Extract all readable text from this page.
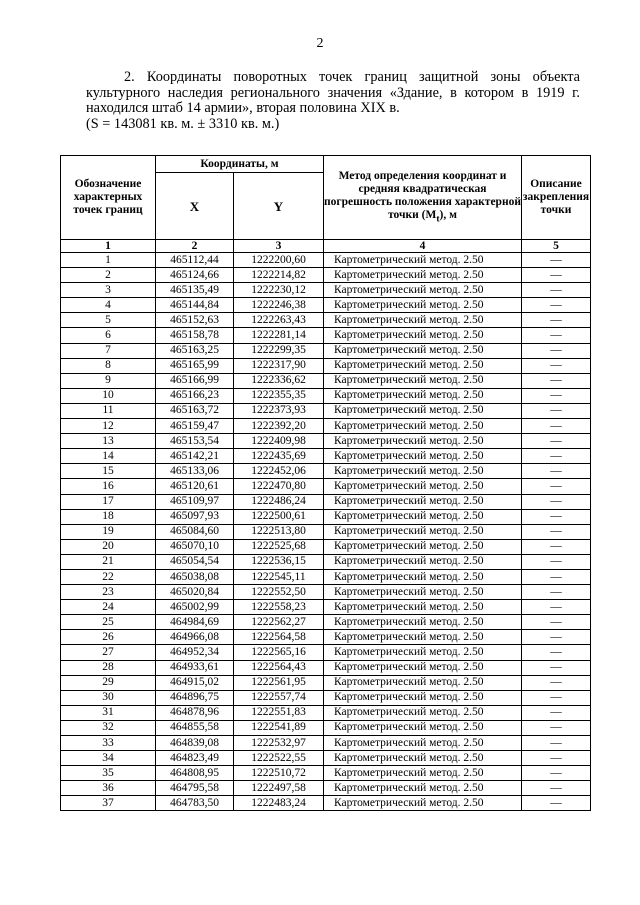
2

2. Координаты поворотных точек границ защитной зоны объекта культурного наследия регионального значения «Здание, в котором в 1919 г. находился штаб 14 армии», вторая половина XIX в.

(S = 143081 кв. м. ± 3310 кв. м.)

Обозначение характерных точек границ	Координаты, м		Метод определения координат и средняя квадратическая погрешность положения характерной точки $(M_t)$, м	Описание закрепления точки
	X	Y		
1	2	3	4	5
1	465112,44	1222200,60	Картометрический метод. 2.50	—
2	465124,66	1222214,82	Картометрический метод. 2.50	—
3	465135,49	1222230,12	Картометрический метод. 2.50	—
4	465144,84	1222246,38	Картометрический метод. 2.50	—
5	465152,63	1222263,43	Картометрический метод. 2.50	—
6	465158,78	1222281,14	Картометрический метод. 2.50	—
7	465163,25	1222299,35	Картометрический метод. 2.50	—
8	465165,99	1222317,90	Картометрический метод. 2.50	—
9	465166,99	1222336,62	Картометрический метод. 2.50	—
10	465166,23	1222355,35	Картометрический метод. 2.50	—
11	465163,72	1222373,93	Картометрический метод. 2.50	—
12	465159,47	1222392,20	Картометрический метод. 2.50	—
13	465153,54	1222409,98	Картометрический метод. 2.50	—
14	465142,21	1222435,69	Картометрический метод. 2.50	—
15	465133,06	1222452,06	Картометрический метод. 2.50	—
16	465120,61	1222470,80	Картометрический метод. 2.50	—
17	465109,97	1222486,24	Картометрический метод. 2.50	—
18	465097,93	1222500,61	Картометрический метод. 2.50	—
19	465084,60	1222513,80	Картометрический метод. 2.50	—
20	465070,10	1222525,68	Картометрический метод. 2.50	—
21	465054,54	1222536,15	Картометрический метод. 2.50	—
22	465038,08	1222545,11	Картометрический метод. 2.50	—
23	465020,84	1222552,50	Картометрический метод. 2.50	—
24	465002,99	1222558,23	Картометрический метод. 2.50	—
25	464984,69	1222562,27	Картометрический метод. 2.50	—
26	464966,08	1222564,58	Картометрический метод. 2.50	—
27	464952,34	1222565,16	Картометрический метод. 2.50	—
28	464933,61	1222564,43	Картометрический метод. 2.50	—
29	464915,02	1222561,95	Картометрический метод. 2.50	—
30	464896,75	1222557,74	Картометрический метод. 2.50	—
31	464878,96	1222551,83	Картометрический метод. 2.50	—
32	464855,58	1222541,89	Картометрический метод. 2.50	—
33	464839,08	1222532,97	Картометрический метод. 2.50	—
34	464823,49	1222522,55	Картометрический метод. 2.50	—
35	464808,95	1222510,72	Картометрический метод. 2.50	—
36	464795,58	1222497,58	Картометрический метод. 2.50	—
37	464783,50	1222483,24	Картометрический метод. 2.50	—
